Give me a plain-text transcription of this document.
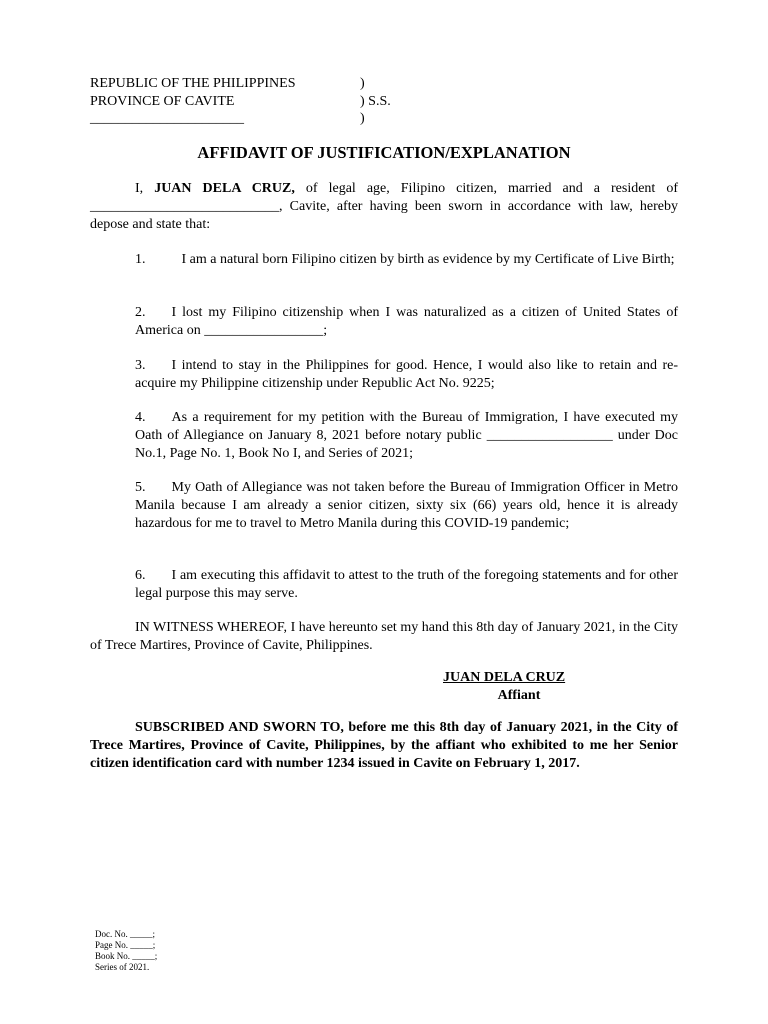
REPUBLIC OF THE PHILIPPINES
PROVINCE OF CAVITE
______________________
)
) S.S.
)
AFFIDAVIT OF JUSTIFICATION/EXPLANATION
I, JUAN DELA CRUZ, of legal age, Filipino citizen, married and a resident of ___________________________, Cavite, after having been sworn in accordance with law, hereby depose and state that:
1.	I am a natural born Filipino citizen by birth as evidence by my Certificate of Live Birth;
2. I lost my Filipino citizenship when I was naturalized as a citizen of United States of America on _________________;
3. I intend to stay in the Philippines for good. Hence, I would also like to retain and re-acquire my Philippine citizenship under Republic Act No. 9225;
4. As a requirement for my petition with the Bureau of Immigration, I have executed my Oath of Allegiance on January 8, 2021 before notary public __________________ under Doc No.1, Page No. 1, Book No I, and Series of 2021;
5. My Oath of Allegiance was not taken before the Bureau of Immigration Officer in Metro Manila because I am already a senior citizen, sixty six (66) years old, hence it is already hazardous for me to travel to Metro Manila during this COVID-19 pandemic;
6. I am executing this affidavit to attest to the truth of the foregoing statements and for other legal purpose this may serve.
IN WITNESS WHEREOF, I have hereunto set my hand this 8th day of January 2021, in the City of Trece Martires, Province of Cavite, Philippines.
JUAN DELA CRUZ
Affiant
SUBSCRIBED AND SWORN TO, before me this 8th day of January 2021, in the City of Trece Martires, Province of Cavite, Philippines, by the affiant who exhibited to me her Senior citizen identification card with number 1234 issued in Cavite on February 1, 2017.
Doc. No. _____;
Page No. _____;
Book No. _____;
Series of 2021.
